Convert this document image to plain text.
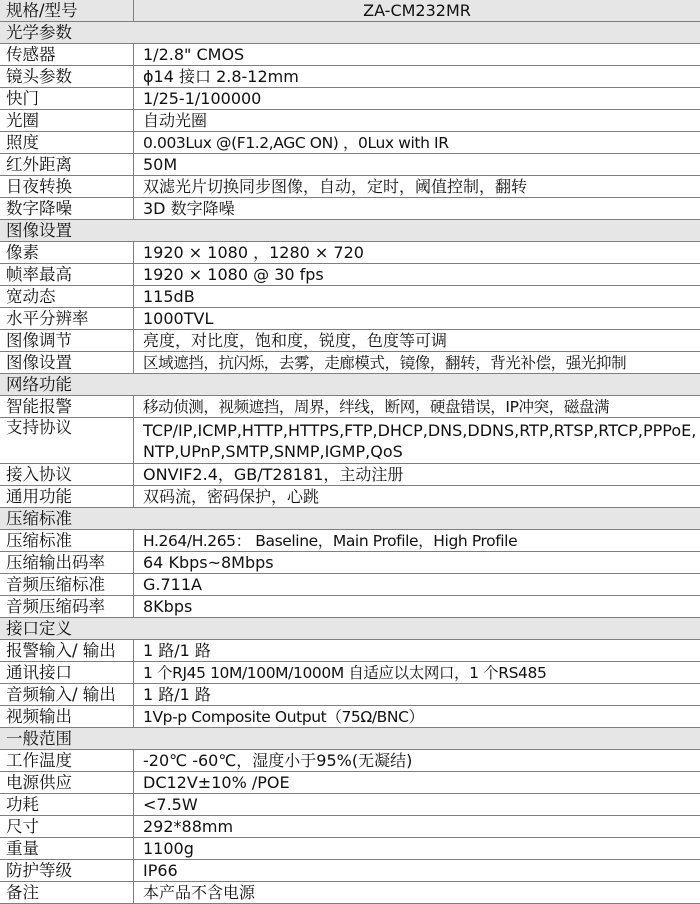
规格/型号	ZA-CM232MR
光学参数	
传感器	1/2.8" CMOS
镜头参数	ϕ14 接口 2.8-12mm
快门	1/25-1/100000
光圈	自动光圈
照度	0.003Lux @(F1.2,AGC ON) ，0Lux with IR
红外距离	50M
日夜转换	双滤光片切换同步图像，自动，定时，阈值控制，翻转
数字降噪	3D 数字降噪
图像设置	
像素	1920 × 1080 ，1280 × 720
帧率最高	1920 × 1080 @ 30 fps
宽动态	115dB
水平分辨率	1000TVL
图像调节	亮度，对比度，饱和度，锐度，色度等可调
图像设置	区域遮挡，抗闪烁，去雾，走廊模式，镜像，翻转，背光补偿，强光抑制
网络功能	
智能报警	移动侦测，视频遮挡，周界，绊线，断网，硬盘错误，IP冲突，磁盘满
支持协议	TCP/IP,ICMP,HTTP,HTTPS,FTP,DHCP,DNS,DDNS,RTP,RTSP,RTCP,PPPoE,NTP,UPnP,SMTP,SNMP,IGMP,QoS
接入协议	ONVIF2.4，GB/T28181，主动注册
通用功能	双码流，密码保护，心跳
压缩标准	
压缩标准	H.264/H.265： Baseline，Main Profile，High Profile
压缩输出码率	64 Kbps~8Mbps
音频压缩标准	G.711A
音频压缩码率	8Kbps
接口定义	
报警输入/ 输出	1 路/1 路
通讯接口	1 个RJ45 10M/100M/1000M 自适应以太网口，1 个RS485
音频输入/ 输出	1 路/1 路
视频输出	1Vp-p Composite Output（75Ω/BNC）
一般范围	
工作温度	-20℃ -60℃，湿度小于95%(无凝结)
电源供应	DC12V±10% /POE
功耗	<7.5W
尺寸	292*88mm
重量	1100g
防护等级	IP66
备注	本产品不含电源
